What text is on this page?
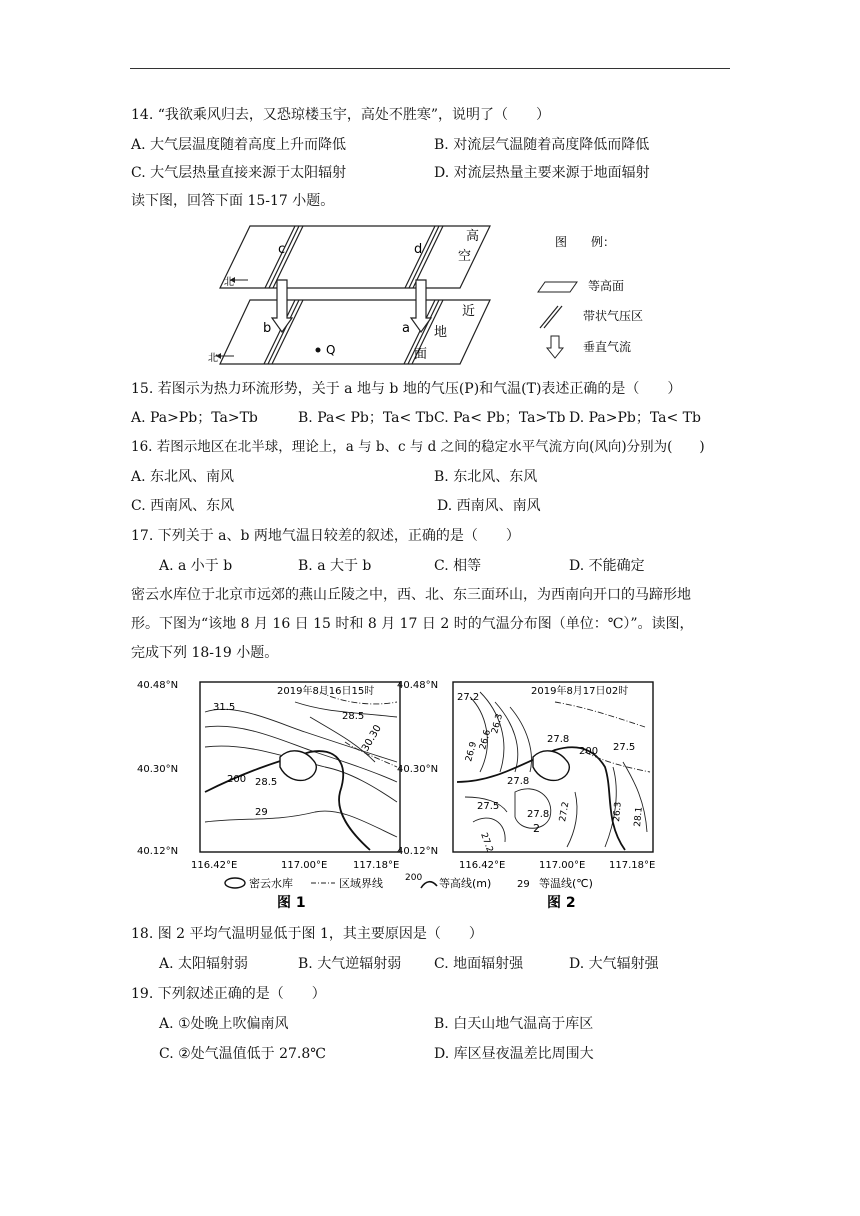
14. “我欲乘风归去，又恐琼楼玉宇，高处不胜寒”，说明了（　　）
A. 大气层温度随着高度上升而降低	B. 对流层气温随着高度降低而降低
C. 大气层热量直接来源于太阳辐射	D. 对流层热量主要来源于地面辐射
读下图，回答下面 15-17 小题。
北
北
c	d
b	a
Q
高
空
近
地
面
图　　例：
等高面
带状气压区
垂直气流
15. 若图示为热力环流形势，关于 a 地与 b 地的气压(P)和气温(T)表述正确的是（　　）
A. Pa>Pb；Ta>Tb	B. Pa< Pb；Ta< Tb C. Pa< Pb；Ta>Tb D. Pa>Pb；Ta< Tb
16. 若图示地区在北半球，理论上，a 与 b、c 与 d 之间的稳定水平气流方向(风向)分别为(　　)
A. 东北风、南风	B. 东北风、东风
C. 西南风、东风	D. 西南风、南风
17. 下列关于 a、b 两地气温日较差的叙述，正确的是（　　）
A. a 小于 b	B. a 大于 b	C. 相等	D. 不能确定
密云水库位于北京市远郊的燕山丘陵之中，西、北、东三面环山，为西南向开口的马蹄形地
形。下图为“该地 8 月 16 日 15 时和 8 月 17 日 2 时的气温分布图（单位：℃）”。读图，
完成下列 18-19 小题。
40.48°N
40.30°N
40.12°N
40.48°N
40.30°N
40.12°N
116.42°E	117.00°E	117.18°E	116.42°E	117.00°E 117.18°E
2019年8月16日15时
31.5
28.5
30.30
200 28.5
29
2019年8月17日02时
27.2
26.9
26.6
26.3
27.8
200 27.5
27.8
27.5	27.2
27.8
2
27.2
26.3 28.1
密云水库	区域界线 200 等高线(m)	29 等温线(℃)
图 1	图 2
18. 图 2 平均气温明显低于图 1，其主要原因是（　　）
A. 太阳辐射弱	B. 大气逆辐射弱 C. 地面辐射强	D. 大气辐射强
19. 下列叙述正确的是（　　）
A. ①处晚上吹偏南风	B. 白天山地气温高于库区
C. ②处气温值低于 27.8℃	D. 库区昼夜温差比周围大
